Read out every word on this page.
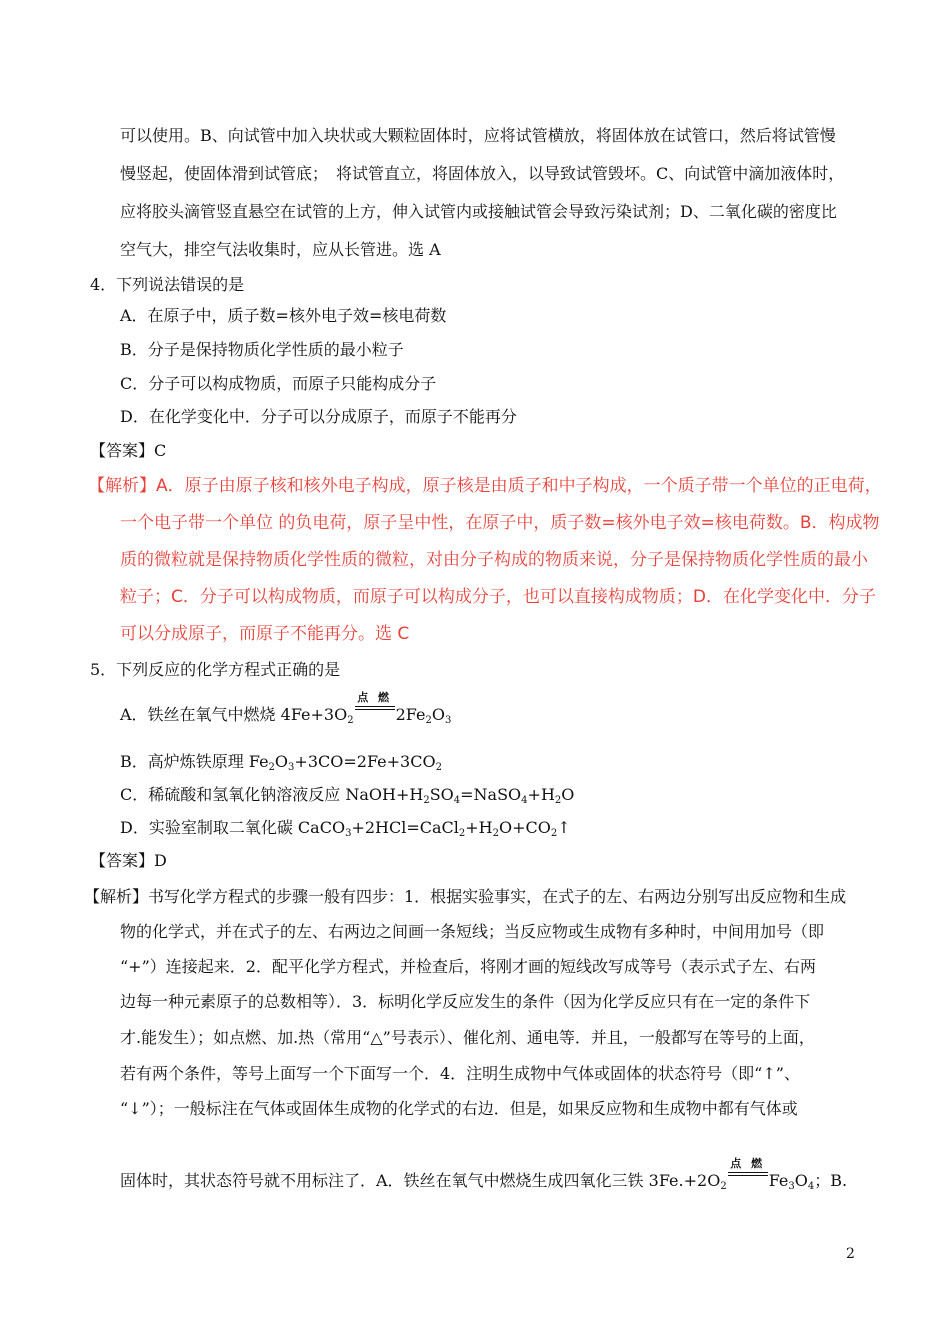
可以使用。B、向试管中加入块状或大颗粒固体时，应将试管横放，将固体放在试管口，然后将试管慢
慢竖起，使固体滑到试管底；　将试管直立，将固体放入，以导致试管毁坏。C、向试管中滴加液体时，
应将胶头滴管竖直悬空在试管的上方，伸入试管内或接触试管会导致污染试剂；D、二氧化碳的密度比
空气大，排空气法收集时，应从长管进。选 A
4．下列说法错误的是
A．在原子中，质子数=核外电子效=核电荷数
B．分子是保持物质化学性质的最小粒子
C．分子可以构成物质，而原子只能构成分子
D．在化学变化中．分子可以分成原子，而原子不能再分
【答案】C
【解析】A．原子由原子核和核外电子构成，原子核是由质子和中子构成，一个质子带一个单位的正电荷，
一个电子带一个单位 的负电荷，原子呈中性，在原子中，质子数=核外电子效=核电荷数。B．构成物
质的微粒就是保持物质化学性质的微粒，对由分子构成的物质来说，分子是保持物质化学性质的最小
粒子；C．分子可以构成物质，而原子可以构成分子，也可以直接构成物质；D．在化学变化中．分子
可以分成原子，而原子不能再分。选 C
5．下列反应的化学方程式正确的是
A．铁丝在氧气中燃烧 $4Fe+3O_2$
点 燃
$2Fe_2O_3$
B．高炉炼铁原理 $Fe_2O_3+3CO=2Fe+3CO_2$
C．稀硫酸和氢氧化钠溶液反应 $NaOH+H_2SO_4=NaSO_4+H_2O$
D．实验室制取二氧化碳 $CaCO_3+2HCl=CaCl_2+H_2O+CO_2↑$
【答案】D
【解析】书写化学方程式的步骤一般有四步：1．根据实验事实，在式子的左、右两边分别写出反应物和生成
物的化学式，并在式子的左、右两边之间画一条短线；当反应物或生成物有多种时，中间用加号（即
“+”）连接起来．2．配平化学方程式，并检查后，将刚才画的短线改写成等号（表示式子左、右两
边每一种元素原子的总数相等）．3．标明化学反应发生的条件（因为化学反应只有在一定的条件下
才.能发生）；如点燃、加.热（常用“△”号表示）、催化剂、通电等．并且，一般都写在等号的上面，
若有两个条件，等号上面写一个下面写一个．4．注明生成物中气体或固体的状态符号（即“↑”、
“↓”）；一般标注在气体或固体生成物的化学式的右边．但是，如果反应物和生成物中都有气体或
固体时，其状态符号就不用标注了．A．铁丝在氧气中燃烧生成四氧化三铁 $3Fe.+2O_2$
点 燃
$Fe_3O_4$；B.
2
